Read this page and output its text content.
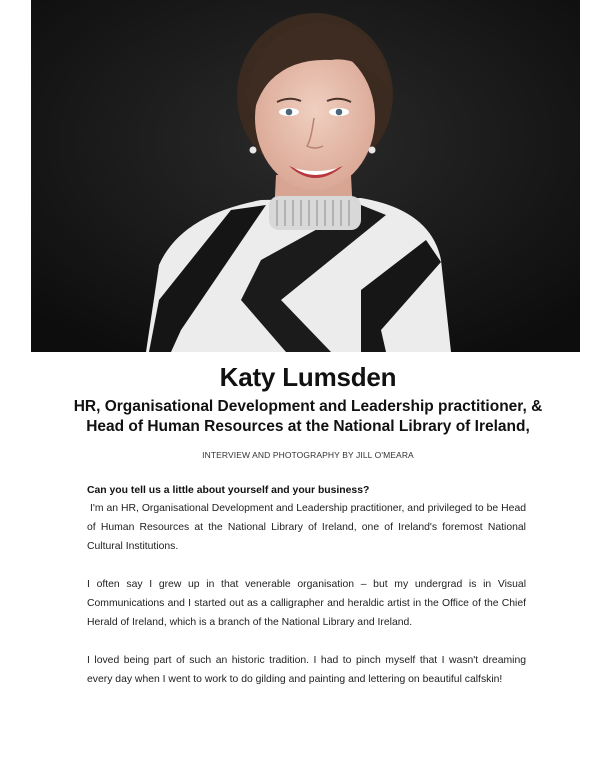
Katy Lumsden
HR, Organisational Development and Leadership practitioner, & Head of Human Resources at the National Library of Ireland,
INTERVIEW AND PHOTOGRAPHY BY JILL O'MEARA

Can you tell us a little about yourself and your business?

I'm an HR, Organisational Development and Leadership practitioner, and privileged to be Head of Human Resources at the National Library of Ireland, one of Ireland's foremost National Cultural Institutions.

I often say I grew up in that venerable organisation – but my undergrad is in Visual Communications and I started out as a calligrapher and heraldic artist in the Office of the Chief Herald of Ireland, which is a branch of the National Library and Ireland.

I loved being part of such an historic tradition. I had to pinch myself that I wasn't dreaming every day when I went to work to do gilding and painting and lettering on beautiful calfskin!
